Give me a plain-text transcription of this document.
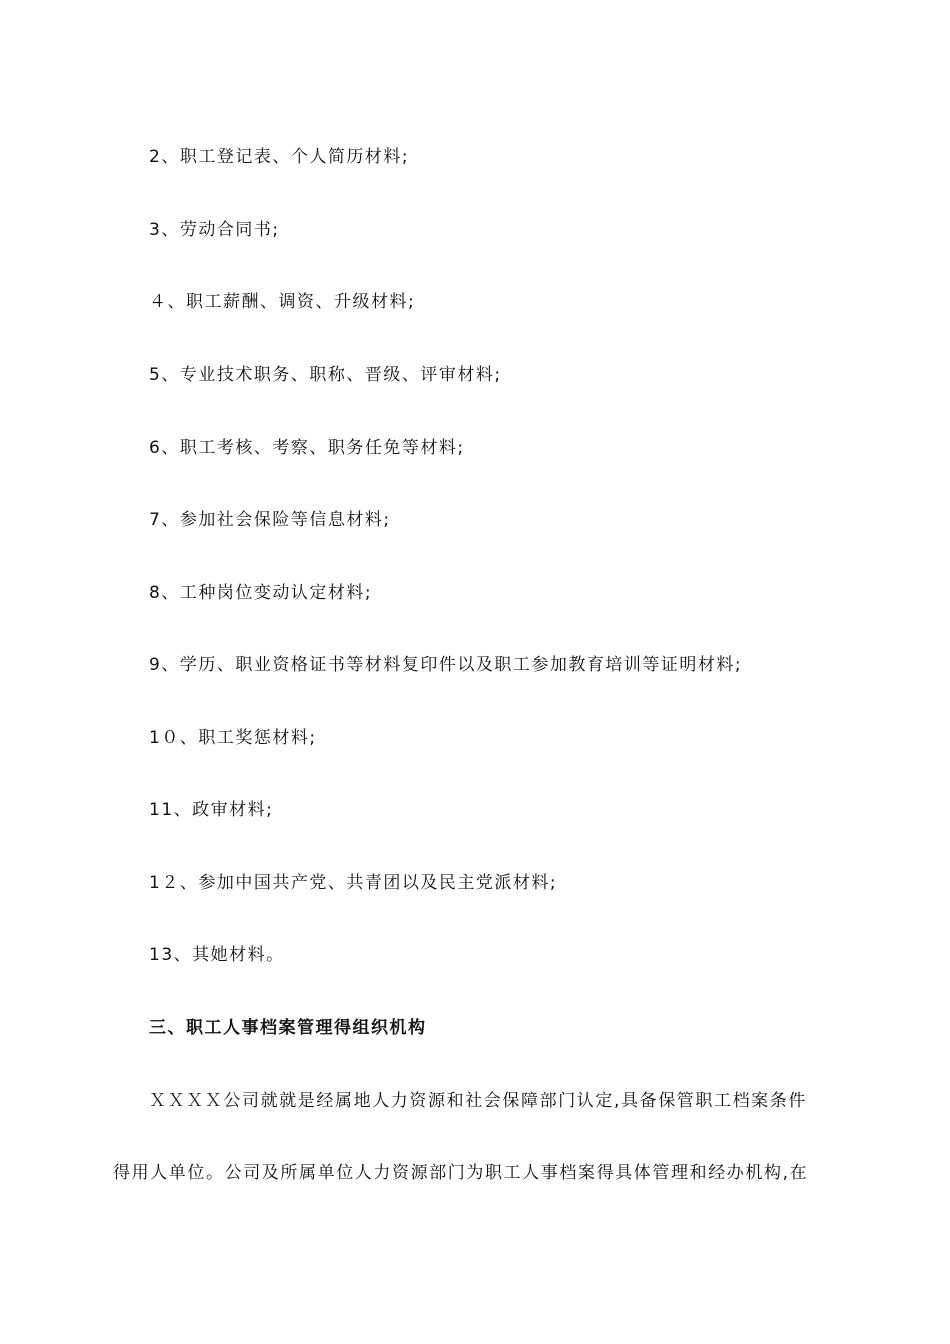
2、职工登记表、个人简历材料;
3、劳动合同书;
４、职工薪酬、调资、升级材料;
5、专业技术职务、职称、晋级、评审材料;
6、职工考核、考察、职务任免等材料;
7、参加社会保险等信息材料;
8、工种岗位变动认定材料;
9、学历、职业资格证书等材料复印件以及职工参加教育培训等证明材料;
1０、职工奖惩材料;
11、政审材料;
1２、参加中国共产党、共青团以及民主党派材料;
13、其她材料。
三、职工人事档案管理得组织机构
ＸＸＸＸ公司就就是经属地人力资源和社会保障部门认定,具备保管职工档案条件
得用人单位。公司及所属单位人力资源部门为职工人事档案得具体管理和经办机构,在
